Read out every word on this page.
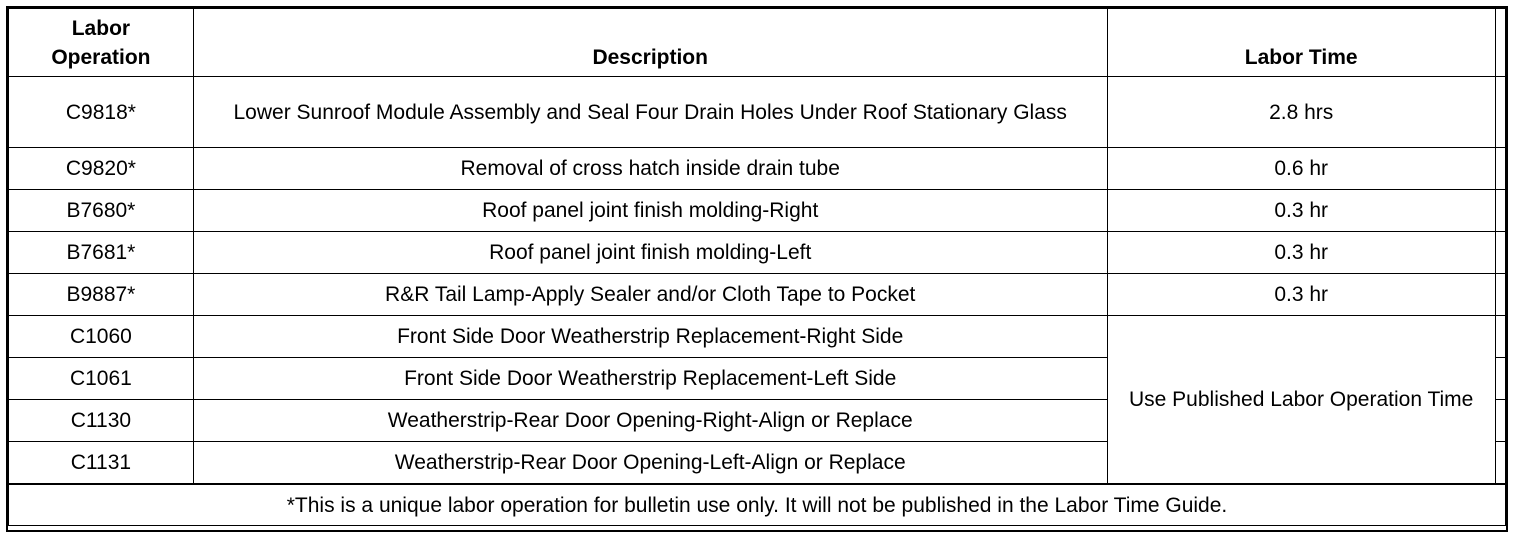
Labor
Operation	Description	Labor Time	
C9818*	Lower Sunroof Module Assembly and Seal Four Drain Holes Under Roof Stationary Glass	2.8 hrs	
C9820*	Removal of cross hatch inside drain tube	0.6 hr	
B7680*	Roof panel joint finish molding-Right	0.3 hr	
B7681*	Roof panel joint finish molding-Left	0.3 hr	
B9887*	R&R Tail Lamp-Apply Sealer and/or Cloth Tape to Pocket	0.3 hr	
C1060	Front Side Door Weatherstrip Replacement-Right Side	Use Published Labor Operation Time	
C1061	Front Side Door Weatherstrip Replacement-Left Side		
C1130	Weatherstrip-Rear Door Opening-Right-Align or Replace		
C1131	Weatherstrip-Rear Door Opening-Left-Align or Replace		
*This is a unique labor operation for bulletin use only. It will not be published in the Labor Time Guide.			
